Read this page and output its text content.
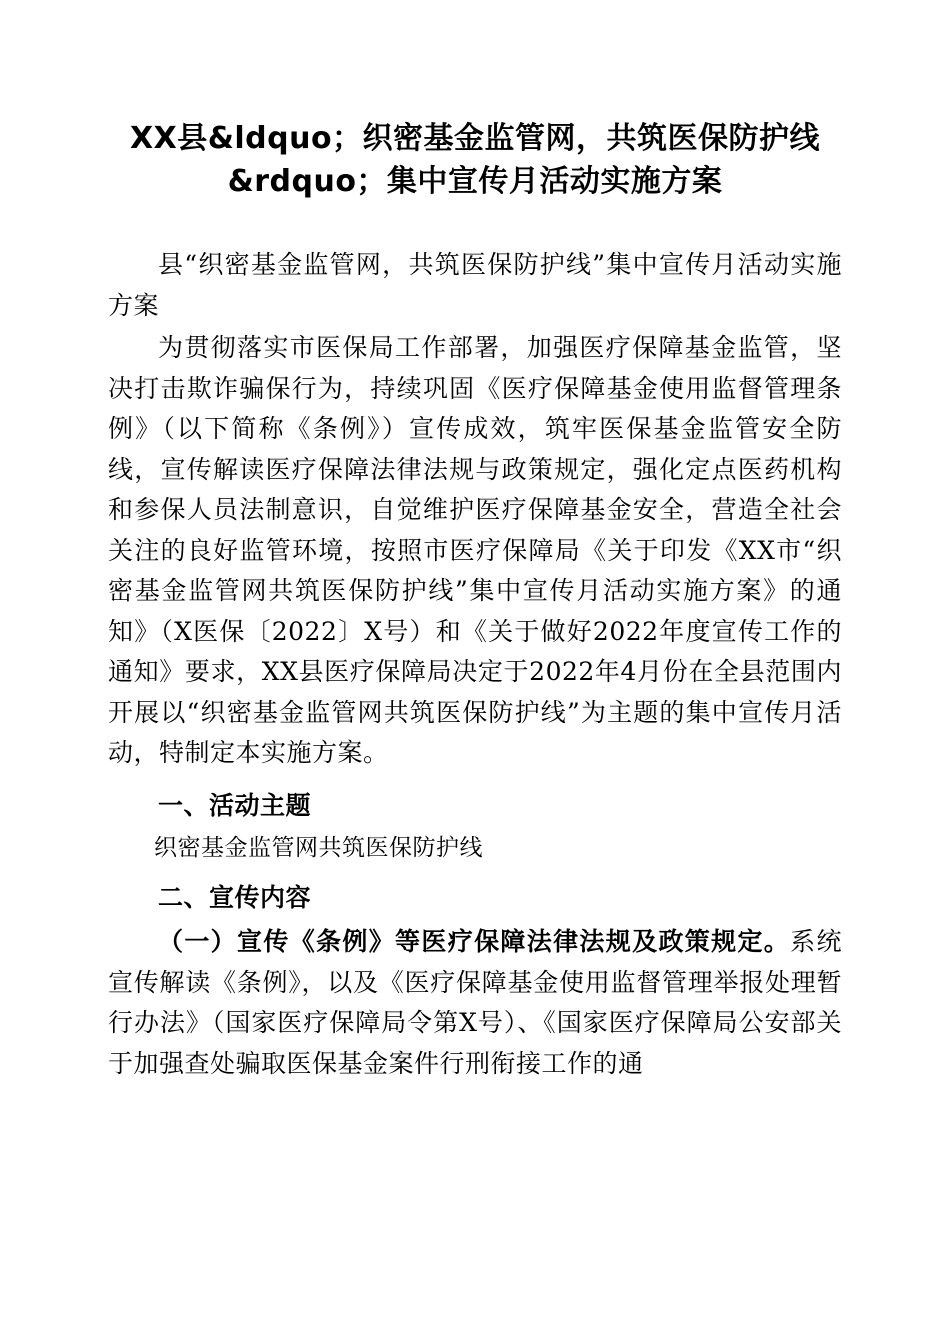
XX县&ldquo；织密基金监管网，共筑医保防护线&rdquo；集中宣传月活动实施方案

县“织密基金监管网，共筑医保防护线”集中宣传月活动实施方案

为贯彻落实市医保局工作部署，加强医疗保障基金监管，坚决打击欺诈骗保行为，持续巩固《医疗保障基金使用监督管理条例》（以下简称《条例》）宣传成效，筑牢医保基金监管安全防线，宣传解读医疗保障法律法规与政策规定，强化定点医药机构和参保人员法制意识，自觉维护医疗保障基金安全，营造全社会关注的良好监管环境，按照市医疗保障局《关于印发《XX市“织密基金监管网共筑医保防护线”集中宣传月活动实施方案》的通知》（X医保〔2022〕X号）和《关于做好2022年度宣传工作的通知》要求，XX县医疗保障局决定于2022年4月份在全县范围内开展以“织密基金监管网共筑医保防护线”为主题的集中宣传月活动，特制定本实施方案。

一、活动主题

织密基金监管网共筑医保防护线

二、宣传内容

（一）宣传《条例》等医疗保障法律法规及政策规定。系统宣传解读《条例》，以及《医疗保障基金使用监督管理举报处理暂行办法》（国家医疗保障局令第X号）、《国家医疗保障局公安部关于加强查处骗取医保基金案件行刑衔接工作的通
